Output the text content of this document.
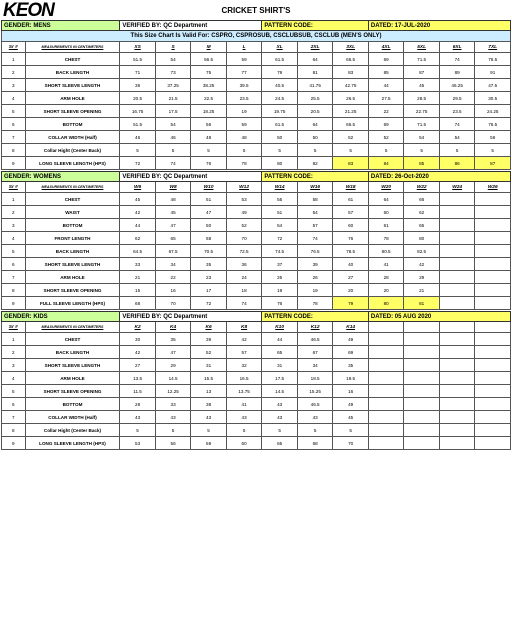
KEON	CRICKET SHIRT'S
GENDER: MENS		VERIFIED BY: QC Department				PATTERN CODE:			DATED: 17-JUL-2020			
This Size Chart Is Valid For: CSPRO, CSPROSUB, CSCLUBSUB, CSCLUB (MEN'S ONLY)												
Sr #	MEASUREMENTS IN CENTIMETERS	XS	S	M	L	XL	2XL	3XL	4XL	5XL	6XL	7XL
1	CHEST	51.5	54	56.5	59	61.5	64	66.5	69	71.5	74	76.5
2	BACK LENGTH	71	73	75	77	79	81	83	85	87	89	91
3	SHORT SLEEVE LENGTH	36	37.25	38.25	39.5	40.5	41.75	42.75	44	45	46.25	47.5
4	ARM HOLE	20.5	21.5	22.5	23.5	24.5	25.5	26.5	27.5	28.5	29.5	30.5
5	SHORT SLEEVE OPENING	16.75	17.5	18.25	19	19.75	20.5	21.25	22	22.75	23.5	24.25
6	BOTTOM	51.5	54	56	59	61.5	64	66.5	69	71.5	74	76.5
7	COLLAR WIDTH (Half)	46	46	48	48	50	50	52	52	54	54	56
8	Collar Hight (Center Back)	5	5	5	5	5	5	5	5	5	5	5
9	LONG SLEEVE LENGTH (HPS)	72	74	76	78	80	82	83	84	85	86	87
GENDER: WOMENS		VERIFIED BY: QC Department				PATTERN CODE:			DATED: 26-Oct-2020			
Sr #	MEASUREMENTS IN CENTIMETERS	W6	W8	W10	W12	W14	W16	W18	W20	W22	W24	W26
1	CHEST	45	48	51	53	55	58	61	64	66		
2	WAIST	42	45	47	49	51	54	57	60	62		
3	BOTTOM	44	47	50	52	54	57	60	61	65		
4	FRONT LENGTH	62	65	68	70	72	74	76	78	80		
5	BACK LENGTH	64.5	67.5	70.5	72.5	74.5	76.5	78.5	80.5	82.5		
6	SHORT SLEEVE LENGTH	33	34	35	36	37	39	40	41	42		
7	ARM HOLE	21	22	23	24	25	26	27	28	29		
8	SHORT SLEEVE OPENING	15	16	17	18	19	19	20	20	21		
9	FULL SLEEVE LENGTH (HPS)	68	70	72	74	76	78	79	80	81		
GENDER: KIDS		VERIFIED BY: QC Department				PATTERN CODE:			DATED: 05 AUG 2020			
Sr #	MEASUREMENTS IN CENTIMETERS	K2	K4	K6	K8	K10	K12	K14				
1	CHEST	30	35	39	42	44	46.5	49				
2	BACK LENGTH	42	47	52	57	65	67	69				
3	SHORT SLEEVE LENGTH	27	29	31	32	31	34	35				
4	ARM HOLE	13.5	14.5	15.5	16.5	17.5	18.5	19.5				
5	SHORT SLEEVE OPENING	11.5	12.25	13	13.75	14.5	15.25	16				
6	BOTTOM	28	33	38	41	43	46.5	49				
7	COLLAR WIDTH (Half)	43	43	43	43	43	43	45				
8	Collar Hight (Center Back)	5	5	5	5	5	5	5				
9	LONG SLEEVE LENGTH (HPS)	53	56	59	60	65	68	70				
